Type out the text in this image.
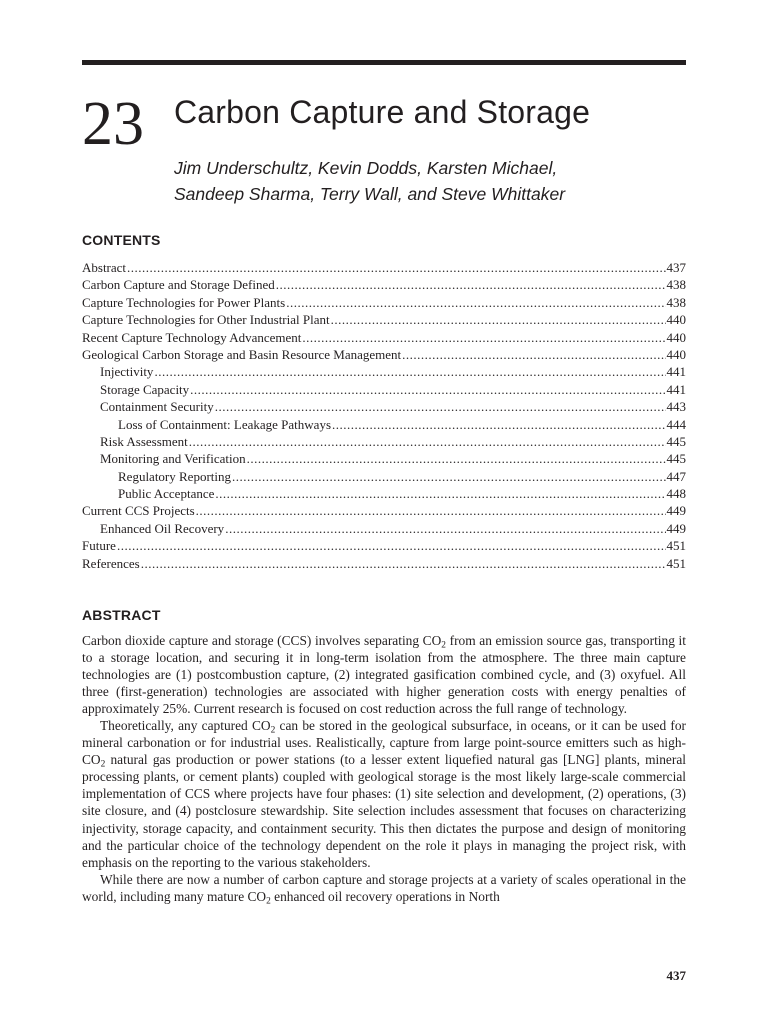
23 Carbon Capture and Storage
Jim Underschultz, Kevin Dodds, Karsten Michael,
Sandeep Sharma, Terry Wall, and Steve Whittaker
CONTENTS
Abstract .....	437
Carbon Capture and Storage Defined .....	438
Capture Technologies for Power Plants .....	438
Capture Technologies for Other Industrial Plant .....	440
Recent Capture Technology Advancement .....	440
Geological Carbon Storage and Basin Resource Management .....	440
Injectivity .....	441
Storage Capacity .....	441
Containment Security .....	443
Loss of Containment: Leakage Pathways .....	444
Risk Assessment .....	445
Monitoring and Verification .....	445
Regulatory Reporting .....	447
Public Acceptance .....	448
Current CCS Projects .....	449
Enhanced Oil Recovery .....	449
Future .....	451
References .....	451
ABSTRACT

Carbon dioxide capture and storage (CCS) involves separating $CO_2$ from an emission source gas, transporting it to a storage location, and securing it in long-term isolation from the atmosphere. The three main capture technologies are (1) postcombustion capture, (2) integrated gasification combined cycle, and (3) oxyfuel. All three (first-generation) technologies are associated with higher generation costs with energy penalties of approximately 25%. Current research is focused on cost reduction across the full range of technology.

Theoretically, any captured $CO_2$ can be stored in the geological subsurface, in oceans, or it can be used for mineral carbonation or for industrial uses. Realistically, capture from large point-source emitters such as high-$CO_2$ natural gas production or power stations (to a lesser extent liquefied natural gas [LNG] plants, mineral processing plants, or cement plants) coupled with geological storage is the most likely large-scale commercial implementation of CCS where projects have four phases: (1) site selection and development, (2) operations, (3) site closure, and (4) postclosure stewardship. Site selection includes assessment that focuses on characterizing injectivity, storage capacity, and containment security. This then dictates the purpose and design of monitoring and the particular choice of the technology dependent on the role it plays in managing the project risk, with emphasis on the reporting to the various stakeholders.

While there are now a number of carbon capture and storage projects at a variety of scales operational in the world, including many mature $CO_2$ enhanced oil recovery operations in North

437
